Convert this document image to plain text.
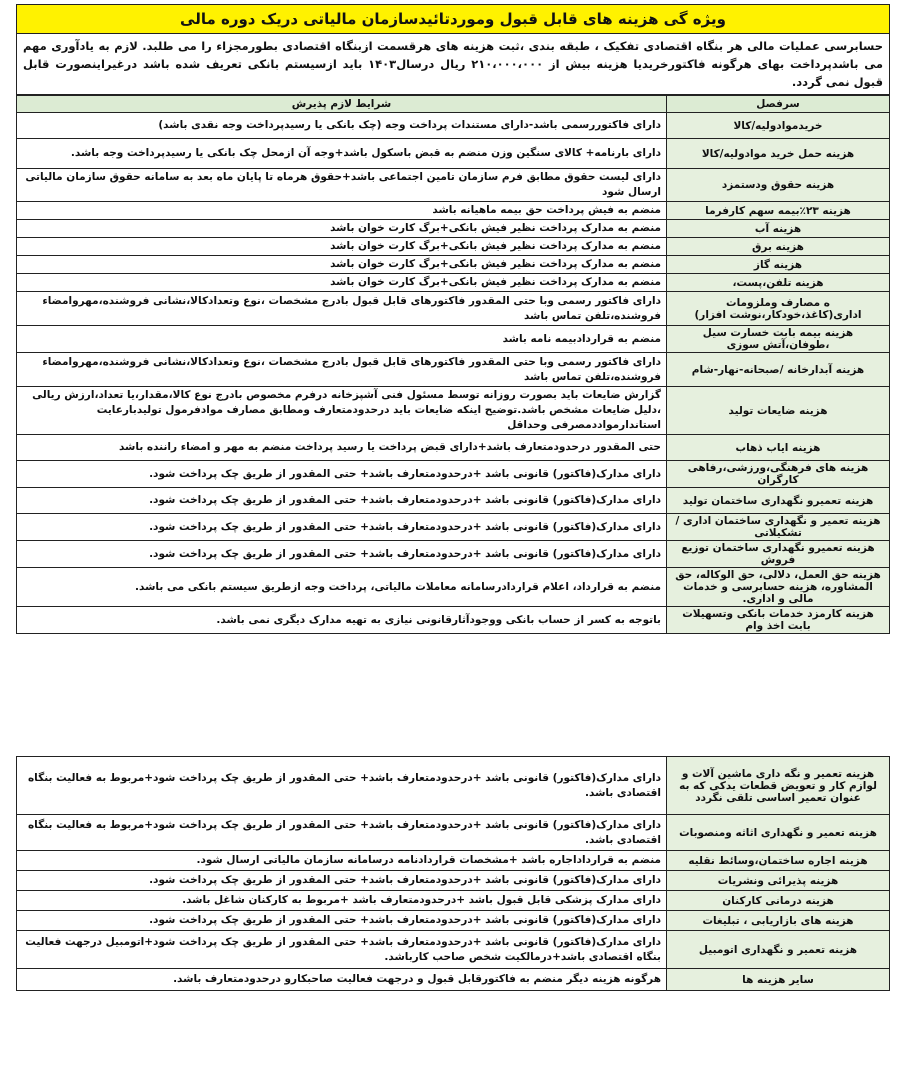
ویژه گی هزینه های قابل قبول وموردتائیدسازمان مالیاتی دریک دوره مالی
حسابرسی عملیات مالی هر بنگاه اقتصادی تفکیک ، طبقه بندی ،ثبت هزینه های هرقسمت ازبنگاه اقتصادی بطورمجزاء را می طلبد. لازم به یادآوری مهم می باشدپرداخت بهای هرگونه فاکتورخریدیا هزینه بیش از ۲۱۰،۰۰۰،۰۰۰ ریال درسال۱۴۰۳ باید ازسیستم بانکی تعریف شده باشد درغیراینصورت قابل قبول نمی گردد.
سرفصل	شرایط لازم پذیرش
خریدموادولیه/کالا	دارای فاکتوررسمی باشد-دارای مستندات پرداخت وجه (چک بانکی یا رسیدپرداخت وجه نقدی باشد)
هزینه حمل خرید موادولیه/کالا	دارای بارنامه+ کالای سنگین وزن منضم به قبض باسکول باشد+وجه آن ازمحل چک بانکی یا رسیدپرداخت وجه باشد.
هزینه حقوق ودستمزد	دارای لیست حقوق مطابق فرم سازمان تامین اجتماعی باشد+حقوق هرماه تا پایان ماه بعد به سامانه حقوق سازمان مالیاتی ارسال شود
هزینه ۲۳٪بیمه سهم کارفرما	منضم به فیش پرداخت حق بیمه ماهیانه باشد
هزینه آب	منضم به مدارک پرداخت نظیر فیش بانکی+برگ کارت خوان باشد
هزینه برق	منضم به مدارک پرداخت نظیر فیش بانکی+برگ کارت خوان باشد
هزینه گاز	منضم به مدارک پرداخت نظیر فیش بانکی+برگ کارت خوان باشد
هزینه تلفن،پست،	منضم به مدارک پرداخت نظیر فیش بانکی+برگ کارت خوان باشد
ه مصارف وملزومات اداری(کاغذ،خودکار،نوشت افزار)	دارای فاکتور رسمی وبا حتی المقدور فاکتورهای قابل قبول بادرج مشخصات ،نوع وتعدادکالا،نشانی فروشنده،مهروامضاء فروشنده،تلفن تماس باشد
هزینه بیمه بابت خسارت سیل ،طوفان،آتش سوزی	منضم به قراردادبیمه نامه باشد
هزینه آبدارخانه /صبحانه-نهار-شام	دارای فاکتور رسمی وبا حتی المقدور فاکتورهای قابل قبول بادرج مشخصات ،نوع وتعدادکالا،نشانی فروشنده،مهروامضاء فروشنده،تلفن تماس باشد
هزینه ضایعات تولید	گزارش ضایعات باید بصورت روزانه توسط مسئول فنی آشپزخانه درفرم مخصوص بادرج نوع کالا،مقدار،یا تعداد،ارزش ریالی ،دلیل ضایعات مشخص باشد.توضیح اینکه ضایعات باید درحدودمتعارف ومطابق مصارف موادفرمول تولیدبارعایت استاندارمواددمصرفی وحداقل
هزینه ایاب ذهاب	حتی المقدور درحدودمتعارف باشد+دارای قبض پرداخت یا رسید پرداخت منضم به مهر و امضاء راننده باشد
هزینه های فرهنگی،ورزشی،رفاهی کارگران	دارای مدارک(فاکتور) قانونی باشد +درحدودمتعارف باشد+ حتی المقدور از طریق چک پرداخت شود.
هزینه تعمیرو نگهداری ساختمان تولید	دارای مدارک(فاکتور) قانونی باشد +درحدودمتعارف باشد+ حتی المقدور از طریق چک پرداخت شود.
هزینه تعمیر و نگهداری ساختمان اداری /تشکیلاتی	دارای مدارک(فاکتور) قانونی باشد +درحدودمتعارف باشد+ حتی المقدور از طریق چک پرداخت شود.
هزینه تعمیرو نگهداری ساختمان توزیع فروش	دارای مدارک(فاکتور) قانونی باشد +درحدودمتعارف باشد+ حتی المقدور از طریق چک پرداخت شود.
هزینه حق العمل، دلالی، حق الوکاله، حق المشاوره، هزینه حسابرسی و خدمات مالی و اداری.	منضم به قرارداد، اعلام قراردادرسامانه معاملات مالیاتی، پرداخت وجه ازطریق سیستم بانکی می باشد.
هزینه کارمزد خدمات بانکی وتسهیلات بابت اخذ وام	باتوجه به کسر از حساب بانکی ووجودآثارقانونی نیازی به تهیه مدارک دیگری نمی باشد.
هزینه تعمیر و نگه داری ماشین آلات و لوازم کار و تعویض قطعات یدکی که به عنوان تعمیر اساسی تلقی نگردد	دارای مدارک(فاکتور) قانونی باشد +درحدودمتعارف باشد+ حتی المقدور از طریق چک پرداخت شود+مربوط به فعالیت بنگاه اقتصادی باشد.
هزینه تعمیر و نگهداری اثاثه ومنصوبات	دارای مدارک(فاکتور) قانونی باشد +درحدودمتعارف باشد+ حتی المقدور از طریق چک پرداخت شود+مربوط به فعالیت بنگاه اقتصادی باشد.
هزینه اجاره ساختمان،وسائط نقلیه	منضم به قرارداداجاره باشد +مشخصات قراردادنامه درسامانه سازمان مالیاتی ارسال شود.
هزینه پذیرائی ونشریات	دارای مدارک(فاکتور) قانونی باشد +درحدودمتعارف باشد+ حتی المقدور از طریق چک پرداخت شود.
هزینه درمانی کارکنان	دارای مدارک پزشکی قابل قبول باشد +درحدودمتعارف باشد +مربوط به کارکنان شاغل باشد.
هزینه های بازاریابی ، تبلیغات	دارای مدارک(فاکتور) قانونی باشد +درحدودمتعارف باشد+ حتی المقدور از طریق چک پرداخت شود.
هزینه تعمیر و نگهداری اتومبیل	دارای مدارک(فاکتور) قانونی باشد +درحدودمتعارف باشد+ حتی المقدور از طریق چک پرداخت شود+اتومبیل درجهت فعالیت بنگاه اقتصادی باشد+درمالکیت شخص صاحب کارباشد.
سایر هزینه ها	هرگونه هزینه دیگر منضم به فاکتورقابل قبول و درجهت فعالیت صاحبکارو درحدودمتعارف باشد.
